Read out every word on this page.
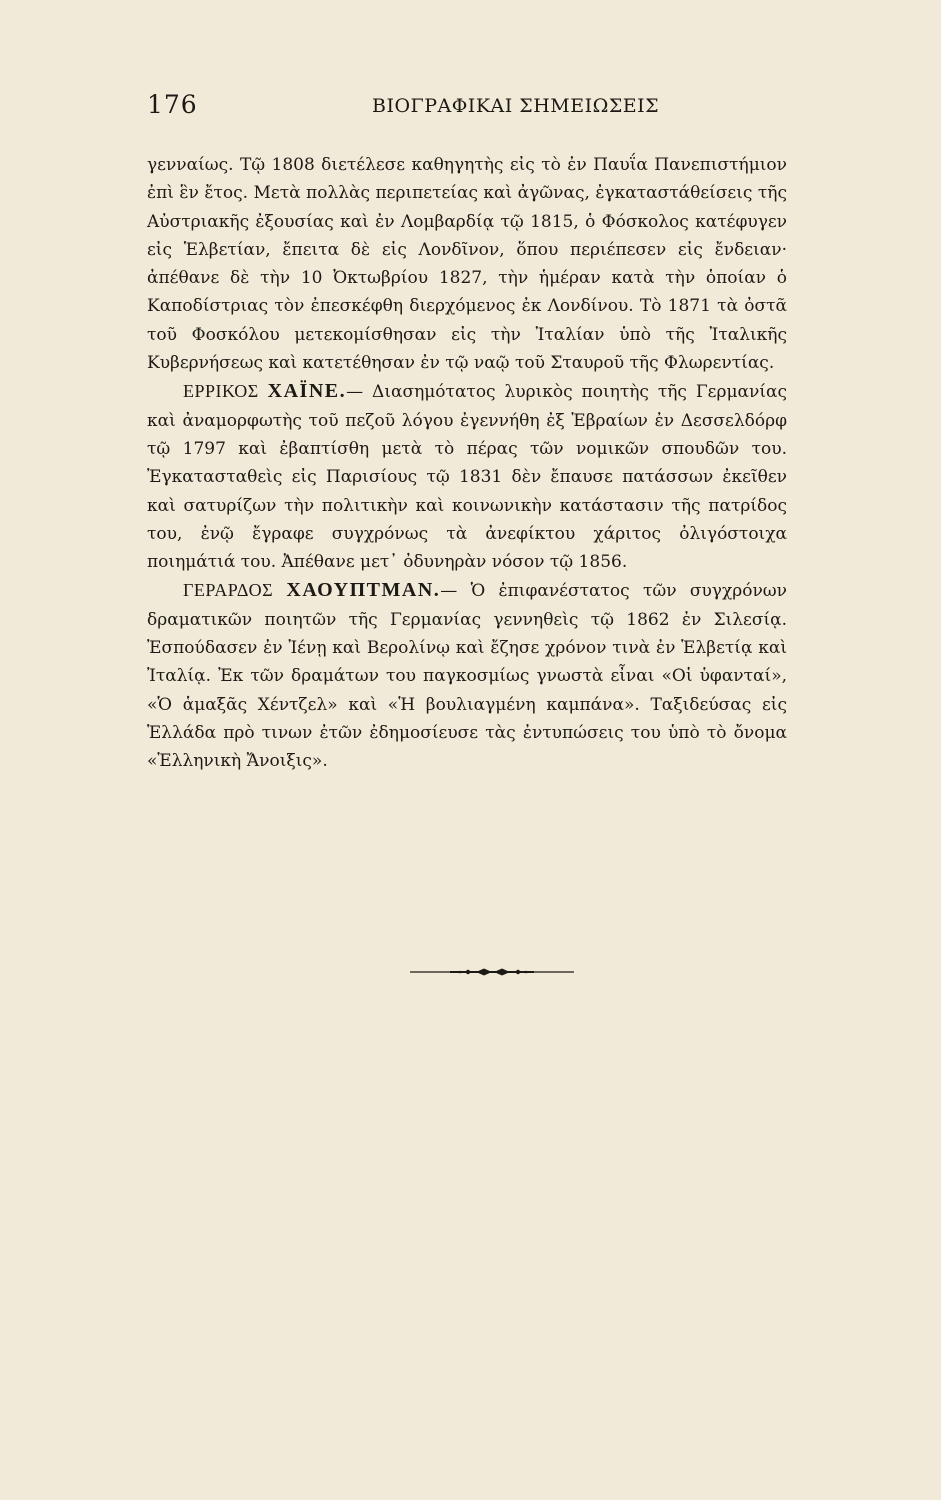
176	ΒΙΟΓΡΑΦΙΚΑΙ ΣΗΜΕΙΩΣΕΙΣ

γενναίως. Τῷ 1808 διετέλεσε καθηγητὴς εἰς τὸ ἐν Παυΐα Πανεπιστήμιον ἐπὶ ἓν ἔτος. Μετὰ πολλὰς περιπετείας καὶ ἀγῶνας, ἐγκαταστάθείσεις τῆς Αὐστριακῆς ἐξουσίας καὶ ἐν Λομβαρδίᾳ τῷ 1815, ὁ Φόσκολος κατέφυγεν εἰς Ἑλβετίαν, ἔπειτα δὲ εἰς Λονδῖνον, ὅπου περιέπεσεν εἰς ἔνδειαν· ἀπέθανε δὲ τὴν 10 Ὀκτωβρίου 1827, τὴν ἡμέραν κατὰ τὴν ὁποίαν ὁ Καποδίστριας τὸν ἐπεσκέφθη διερχόμενος ἐκ Λονδίνου. Τὸ 1871 τὰ ὀστᾶ τοῦ Φοσκόλου μετεκομίσθησαν εἰς τὴν Ἰταλίαν ὑπὸ τῆς Ἰταλικῆς Κυβερνήσεως καὶ κατετέθησαν ἐν τῷ ναῷ τοῦ Σταυροῦ τῆς Φλωρεντίας.

ΕΡΡΙΚΟΣ ΧΑΪΝΕ.— Διασημότατος λυρικὸς ποιητὴς τῆς Γερμανίας καὶ ἀναμορφωτὴς τοῦ πεζοῦ λόγου ἐγεννήθη ἐξ Ἑβραίων ἐν Δεσσελδόρφ τῷ 1797 καὶ ἐβαπτίσθη μετὰ τὸ πέρας τῶν νομικῶν σπουδῶν του. Ἐγκατασταθεὶς εἰς Παρισίους τῷ 1831 δὲν ἔπαυσε πατάσσων ἐκεῖθεν καὶ σατυρίζων τὴν πολιτικὴν καὶ κοινωνικὴν κατάστασιν τῆς πατρίδος του, ἐνῷ ἔγραφε συγχρόνως τὰ ἀνεφίκτου χάριτος ὀλιγόστοιχα ποιημάτιά του. Ἀπέθανε μετ᾽ ὀδυνηρὰν νόσον τῷ 1856.

ΓΕΡΑΡΔΟΣ ΧΑΟΥΠΤΜΑΝ.— Ὁ ἐπιφανέστατος τῶν συγχρόνων δραματικῶν ποιητῶν τῆς Γερμανίας γεννηθεὶς τῷ 1862 ἐν Σιλεσίᾳ. Ἐσπούδασεν ἐν Ἰένῃ καὶ Βερολίνῳ καὶ ἔζησε χρόνον τινὰ ἐν Ἑλβετίᾳ καὶ Ἰταλίᾳ. Ἐκ τῶν δραμάτων του παγκοσμίως γνωστὰ εἶναι «Οἱ ὑφανταί», «Ὁ ἁμαξᾶς Χέντζελ» καὶ «Ἡ βουλιαγμένη καμπάνα». Ταξιδεύσας εἰς Ἑλλάδα πρὸ τινων ἐτῶν ἐδημοσίευσε τὰς ἐντυπώσεις του ὑπὸ τὸ ὄνομα «Ἑλληνικὴ Ἄνοιξις».
